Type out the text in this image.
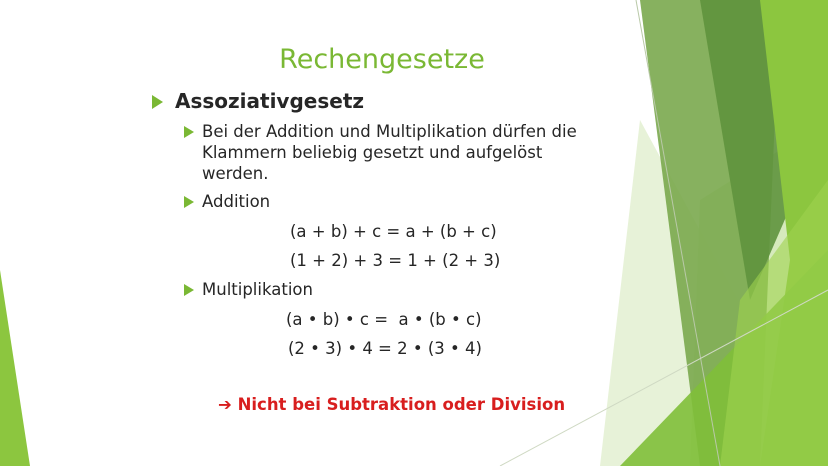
Rechengesetze
Assoziativgesetz
Bei der Addition und Multiplikation dürfen die
Klammern beliebig gesetzt und aufgelöst
werden.
Addition
(a + b) + c = a + (b + c)
(1 + 2) + 3 = 1 + (2 + 3)
Multiplikation
(a • b) • c =  a • (b • c)
(2 • 3) • 4 = 2 • (3 • 4)
➔ Nicht bei Subtraktion oder Division
